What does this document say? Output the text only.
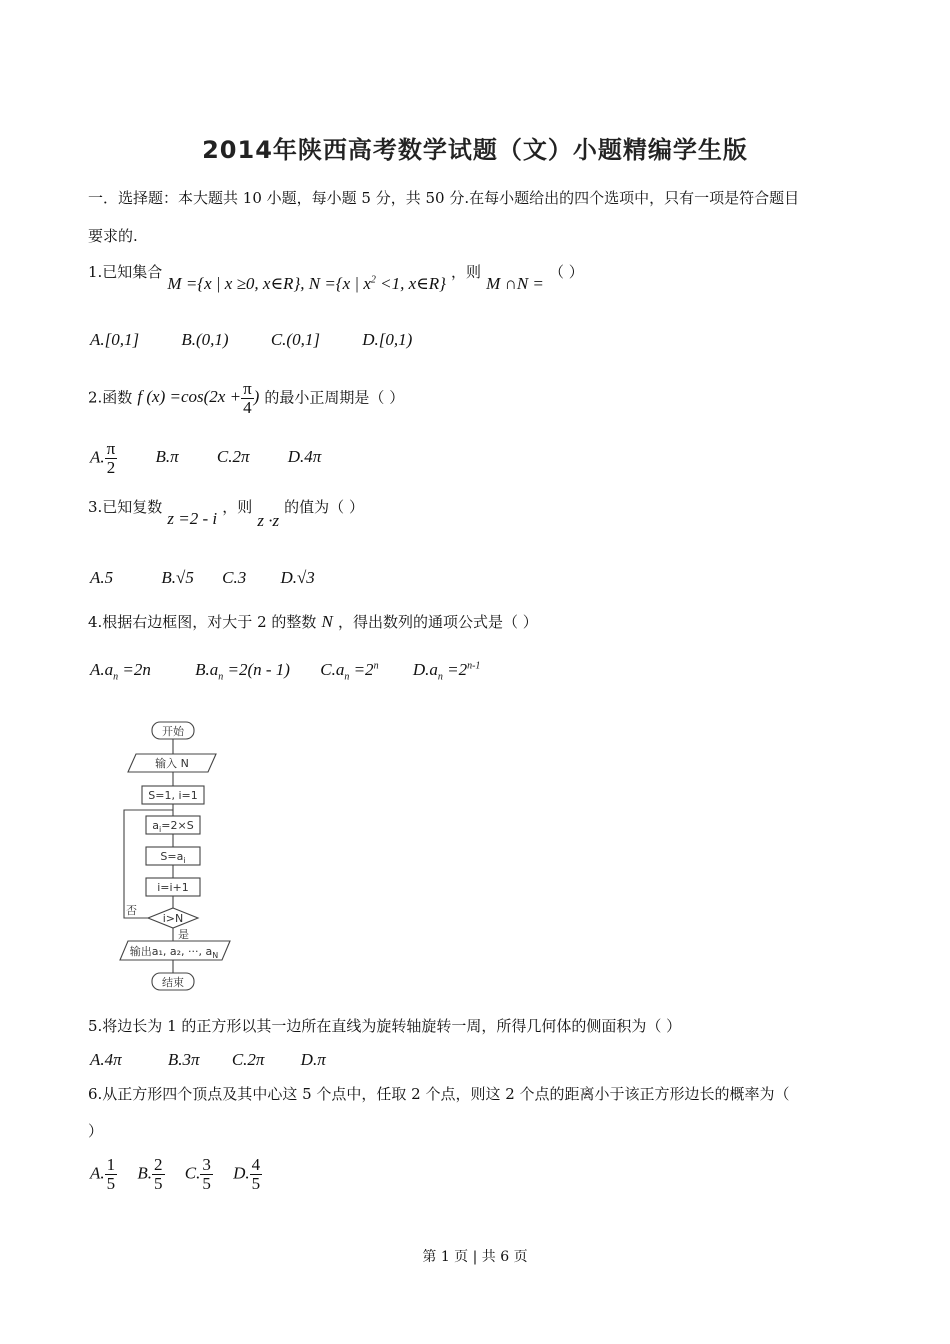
2014年陕西高考数学试题（文）小题精编学生版
一．选择题：本大题共 10 小题，每小题 5 分，共 50 分.在每小题给出的四个选项中，只有一项是符合题目
要求的.
1.已知集合 M ={x | x ≥0, x∈R}, N ={x | $x^2 <1$, x∈R} ，则 M ∩N = （ ）
A.[0,1] B.(0,1) C.(0,1] D.[0,1)
2.函数 f $(x) =\cos(2x + \frac{\pi}{4}$ ) 的最小正周期是（ ）
A. $\frac{\pi}{2} B.\pi$ C.2π D.4π
3.已知复数 z =2 - i ，则 z ·z 的值为（ ）
A.5	B.√5 C.3 D.√3
4.根据右边框图，对大于 2 的整数 N ，得出数列的通项公式是（ ）
$A.a_n =2n$	$B.a_n =2(n - 1)$ $C.a_n =2^n$ $D.a_n =2^{n-1}$
开始
输入 N
S=1, i=1
$a_i=2\times S$
$S=a_i$
i=i+1
i>N
否
是
输出a₁, a₂, ···, $a_N$
结束
5.将边长为 1 的正方形以其一边所在直线为旋转轴旋转一周，所得几何体的侧面积为（ ）
A.4π	B.3π C.2π D.π
6.从正方形四个顶点及其中心这 5 个点中，任取 2 个点，则这 2 个点的距离小于该正方形边长的概率为（
）
A. $\frac{1}{5} B$. $\frac{2}{5} C$. $\frac{3}{5} D$. $\frac{4}{5}$
第 1 页 | 共 6 页
